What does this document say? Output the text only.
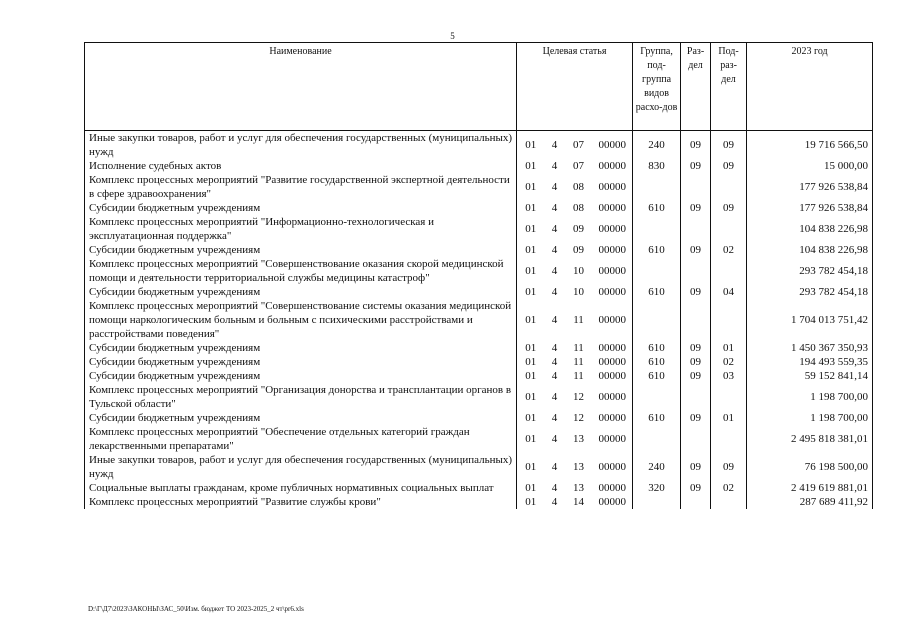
5
Наименование	Целевая статья				Группа, под-группа видов расхо-дов	Раз-дел	Под-раз-дел	2023 год
Иные закупки товаров, работ и услуг для обеспечения государственных (муниципальных) нужд	01	4	07	00000	240	09	09	19 716 566,50
Исполнение судебных актов	01	4	07	00000	830	09	09	15 000,00
Комплекс процессных мероприятий "Развитие государственной экспертной деятельности в сфере здравоохранения"	01	4	08	00000				177 926 538,84
Субсидии бюджетным учреждениям	01	4	08	00000	610	09	09	177 926 538,84
Комплекс процессных мероприятий "Информационно-технологическая и эксплуатационная поддержка"	01	4	09	00000				104 838 226,98
Субсидии бюджетным учреждениям	01	4	09	00000	610	09	02	104 838 226,98
Комплекс процессных мероприятий "Совершенствование оказания скорой медицинской помощи и деятельности территориальной службы медицины катастроф"	01	4	10	00000				293 782 454,18
Субсидии бюджетным учреждениям	01	4	10	00000	610	09	04	293 782 454,18
Комплекс процессных мероприятий "Совершенствование системы оказания медицинской помощи наркологическим больным и больным с психическими расстройствами и расстройствами поведения"	01	4	11	00000				1 704 013 751,42
Субсидии бюджетным учреждениям	01	4	11	00000	610	09	01	1 450 367 350,93
Субсидии бюджетным учреждениям	01	4	11	00000	610	09	02	194 493 559,35
Субсидии бюджетным учреждениям	01	4	11	00000	610	09	03	59 152 841,14
Комплекс процессных мероприятий "Организация донорства и трансплантации органов в Тульской области"	01	4	12	00000				1 198 700,00
Субсидии бюджетным учреждениям	01	4	12	00000	610	09	01	1 198 700,00
Комплекс процессных мероприятий "Обеспечение отдельных категорий граждан лекарственными препаратами"	01	4	13	00000				2 495 818 381,01
Иные закупки товаров, работ и услуг для обеспечения государственных (муниципальных) нужд	01	4	13	00000	240	09	09	76 198 500,00
Социальные выплаты гражданам, кроме публичных нормативных социальных выплат	01	4	13	00000	320	09	02	2 419 619 881,01
Комплекс процессных мероприятий "Развитие службы крови"	01	4	14	00000				287 689 411,92
D:\Г\Д7\2023\ЗАКОНЫ\ЗАС_50\Изм. бюджет ТО 2023-2025_2 чт\pr6.xls
